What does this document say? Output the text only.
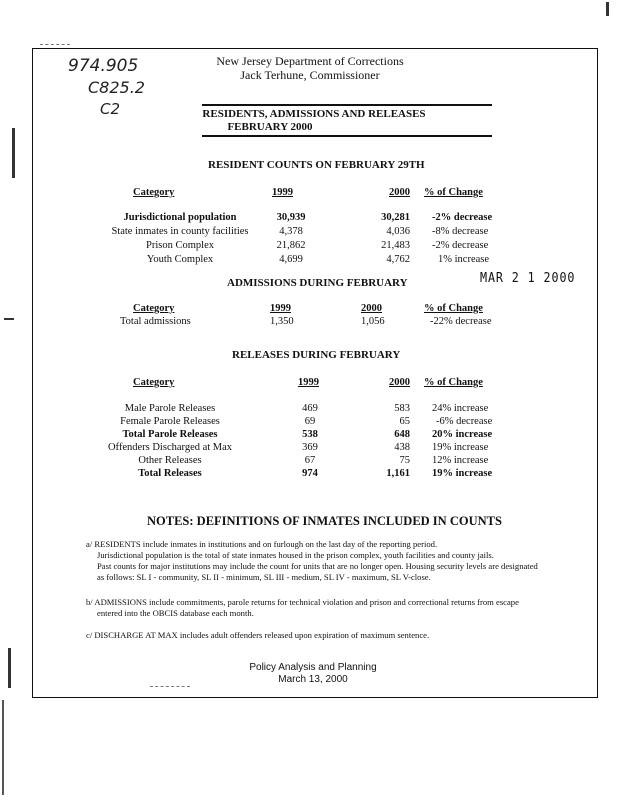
974.905
C825.2
C2
New Jersey Department of Corrections
Jack Terhune, Commissioner
RESIDENTS, ADMISSIONS AND RELEASES
FEBRUARY 2000
RESIDENT COUNTS ON FEBRUARY 29TH
Category	1999	2000 % of Change
Jurisdictional population	30,939	30,281 -2% decrease
State inmates in county facilities	4,378	4,036 -8% decrease
Prison Complex	21,862	21,483 -2% decrease
Youth Complex	4,699	4,762	1% increase
MAR 2 1 2000
ADMISSIONS DURING FEBRUARY
Category	1999	2000	% of Change
Total admissions	1,350	1,056	-22% decrease
RELEASES DURING FEBRUARY
Category	1999	2000 % of Change
Male Parole Releases	469	583 24% increase
Female Parole Releases	69	65 -6% decrease
Total Parole Releases	538	648 20% increase
Offenders Discharged at Max	369	438 19% increase
Other Releases	67	75 12% increase
Total Releases	974	1,161 19% increase
NOTES: DEFINITIONS OF INMATES INCLUDED IN COUNTS
a/ RESIDENTS include inmates in institutions and on furlough on the last day of the reporting period.
Jurisdictional population is the total of state inmates housed in the prison complex, youth facilities and county jails.
Past counts for major institutions may include the count for units that are no longer open. Housing security levels are designated
as follows: SL I - community, SL II - minimum, SL III - medium, SL IV - maximum, SL V-close.
b/ ADMISSIONS include commitments, parole returns for technical violation and prison and correctional returns from escape
entered into the OBCIS database each month.
c/ DISCHARGE AT MAX includes adult offenders released upon expiration of maximum sentence.
Policy Analysis and Planning
March 13, 2000
